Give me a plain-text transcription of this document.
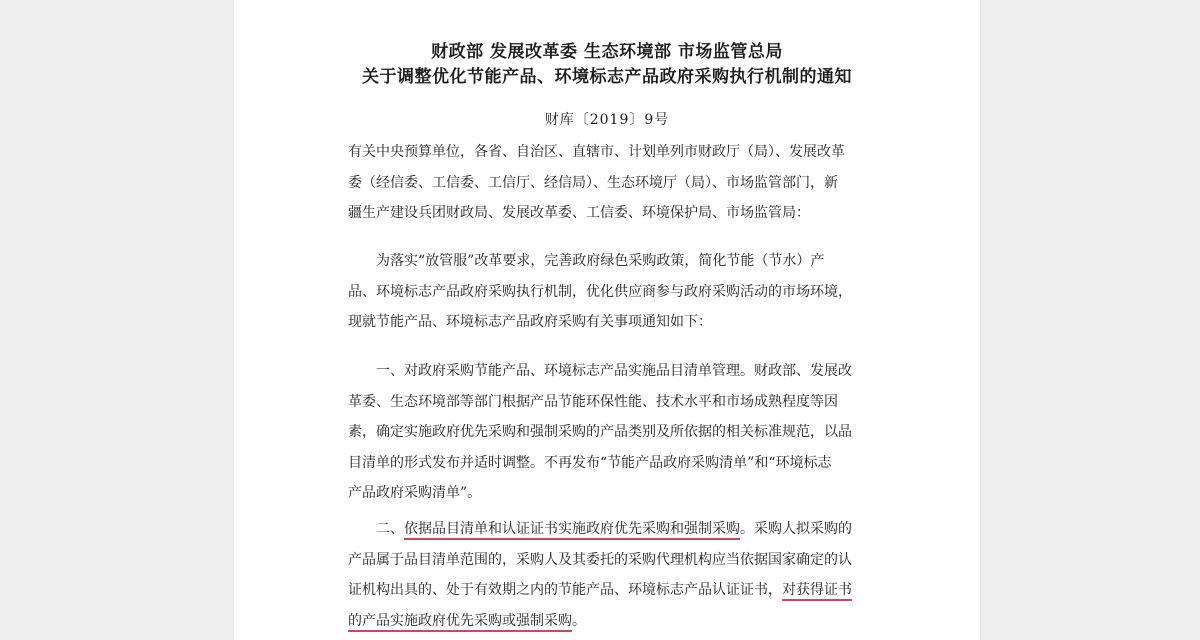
财政部 发展改革委 生态环境部 市场监管总局
关于调整优化节能产品、环境标志产品政府采购执行机制的通知
财库〔2019〕9号
有关中央预算单位，各省、自治区、直辖市、计划单列市财政厅（局）、发展改革
委（经信委、工信委、工信厅、经信局）、生态环境厅（局）、市场监管部门，新
疆生产建设兵团财政局、发展改革委、工信委、环境保护局、市场监管局：
为落实“放管服”改革要求，完善政府绿色采购政策，简化节能（节水）产
品、环境标志产品政府采购执行机制，优化供应商参与政府采购活动的市场环境，
现就节能产品、环境标志产品政府采购有关事项通知如下：
一、对政府采购节能产品、环境标志产品实施品目清单管理。财政部、发展改
革委、生态环境部等部门根据产品节能环保性能、技术水平和市场成熟程度等因
素，确定实施政府优先采购和强制采购的产品类别及所依据的相关标准规范，以品
目清单的形式发布并适时调整。不再发布“节能产品政府采购清单”和“环境标志
产品政府采购清单”。
二、依据品目清单和认证证书实施政府优先采购和强制采购。采购人拟采购的
产品属于品目清单范围的，采购人及其委托的采购代理机构应当依据国家确定的认
证机构出具的、处于有效期之内的节能产品、环境标志产品认证证书，对获得证书
的产品实施政府优先采购或强制采购。
